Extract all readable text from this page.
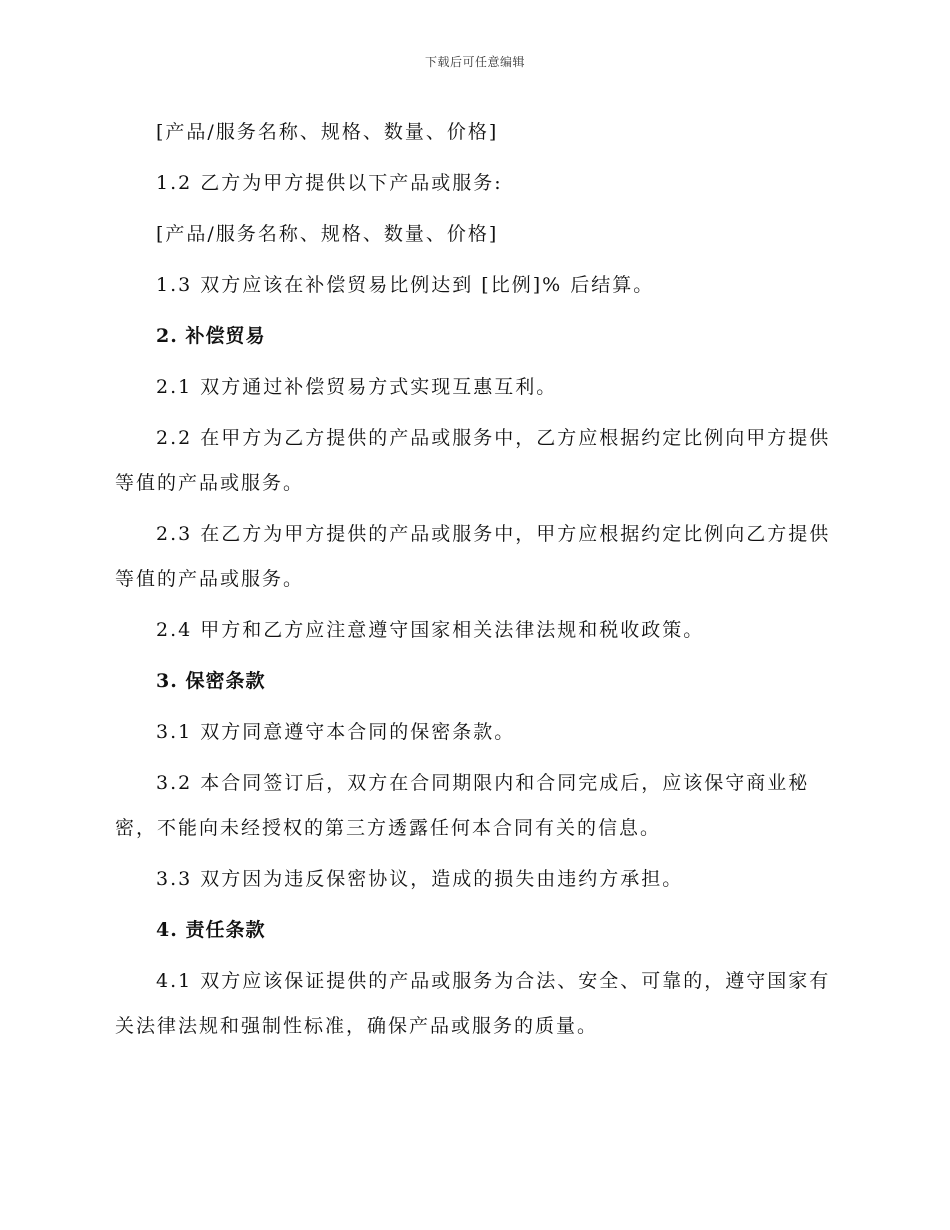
下载后可任意编辑

[产品/服务名称、规格、数量、价格]

1.2 乙方为甲方提供以下产品或服务:

[产品/服务名称、规格、数量、价格]

1.3 双方应该在补偿贸易比例达到 [比例]% 后结算。

2. 补偿贸易

2.1 双方通过补偿贸易方式实现互惠互利。

2.2 在甲方为乙方提供的产品或服务中，乙方应根据约定比例向甲方提供等值的产品或服务。

2.3 在乙方为甲方提供的产品或服务中，甲方应根据约定比例向乙方提供等值的产品或服务。

2.4 甲方和乙方应注意遵守国家相关法律法规和税收政策。

3. 保密条款

3.1 双方同意遵守本合同的保密条款。

3.2 本合同签订后，双方在合同期限内和合同完成后，应该保守商业秘密，不能向未经授权的第三方透露任何本合同有关的信息。

3.3 双方因为违反保密协议，造成的损失由违约方承担。

4. 责任条款

4.1 双方应该保证提供的产品或服务为合法、安全、可靠的，遵守国家有关法律法规和强制性标准，确保产品或服务的质量。
